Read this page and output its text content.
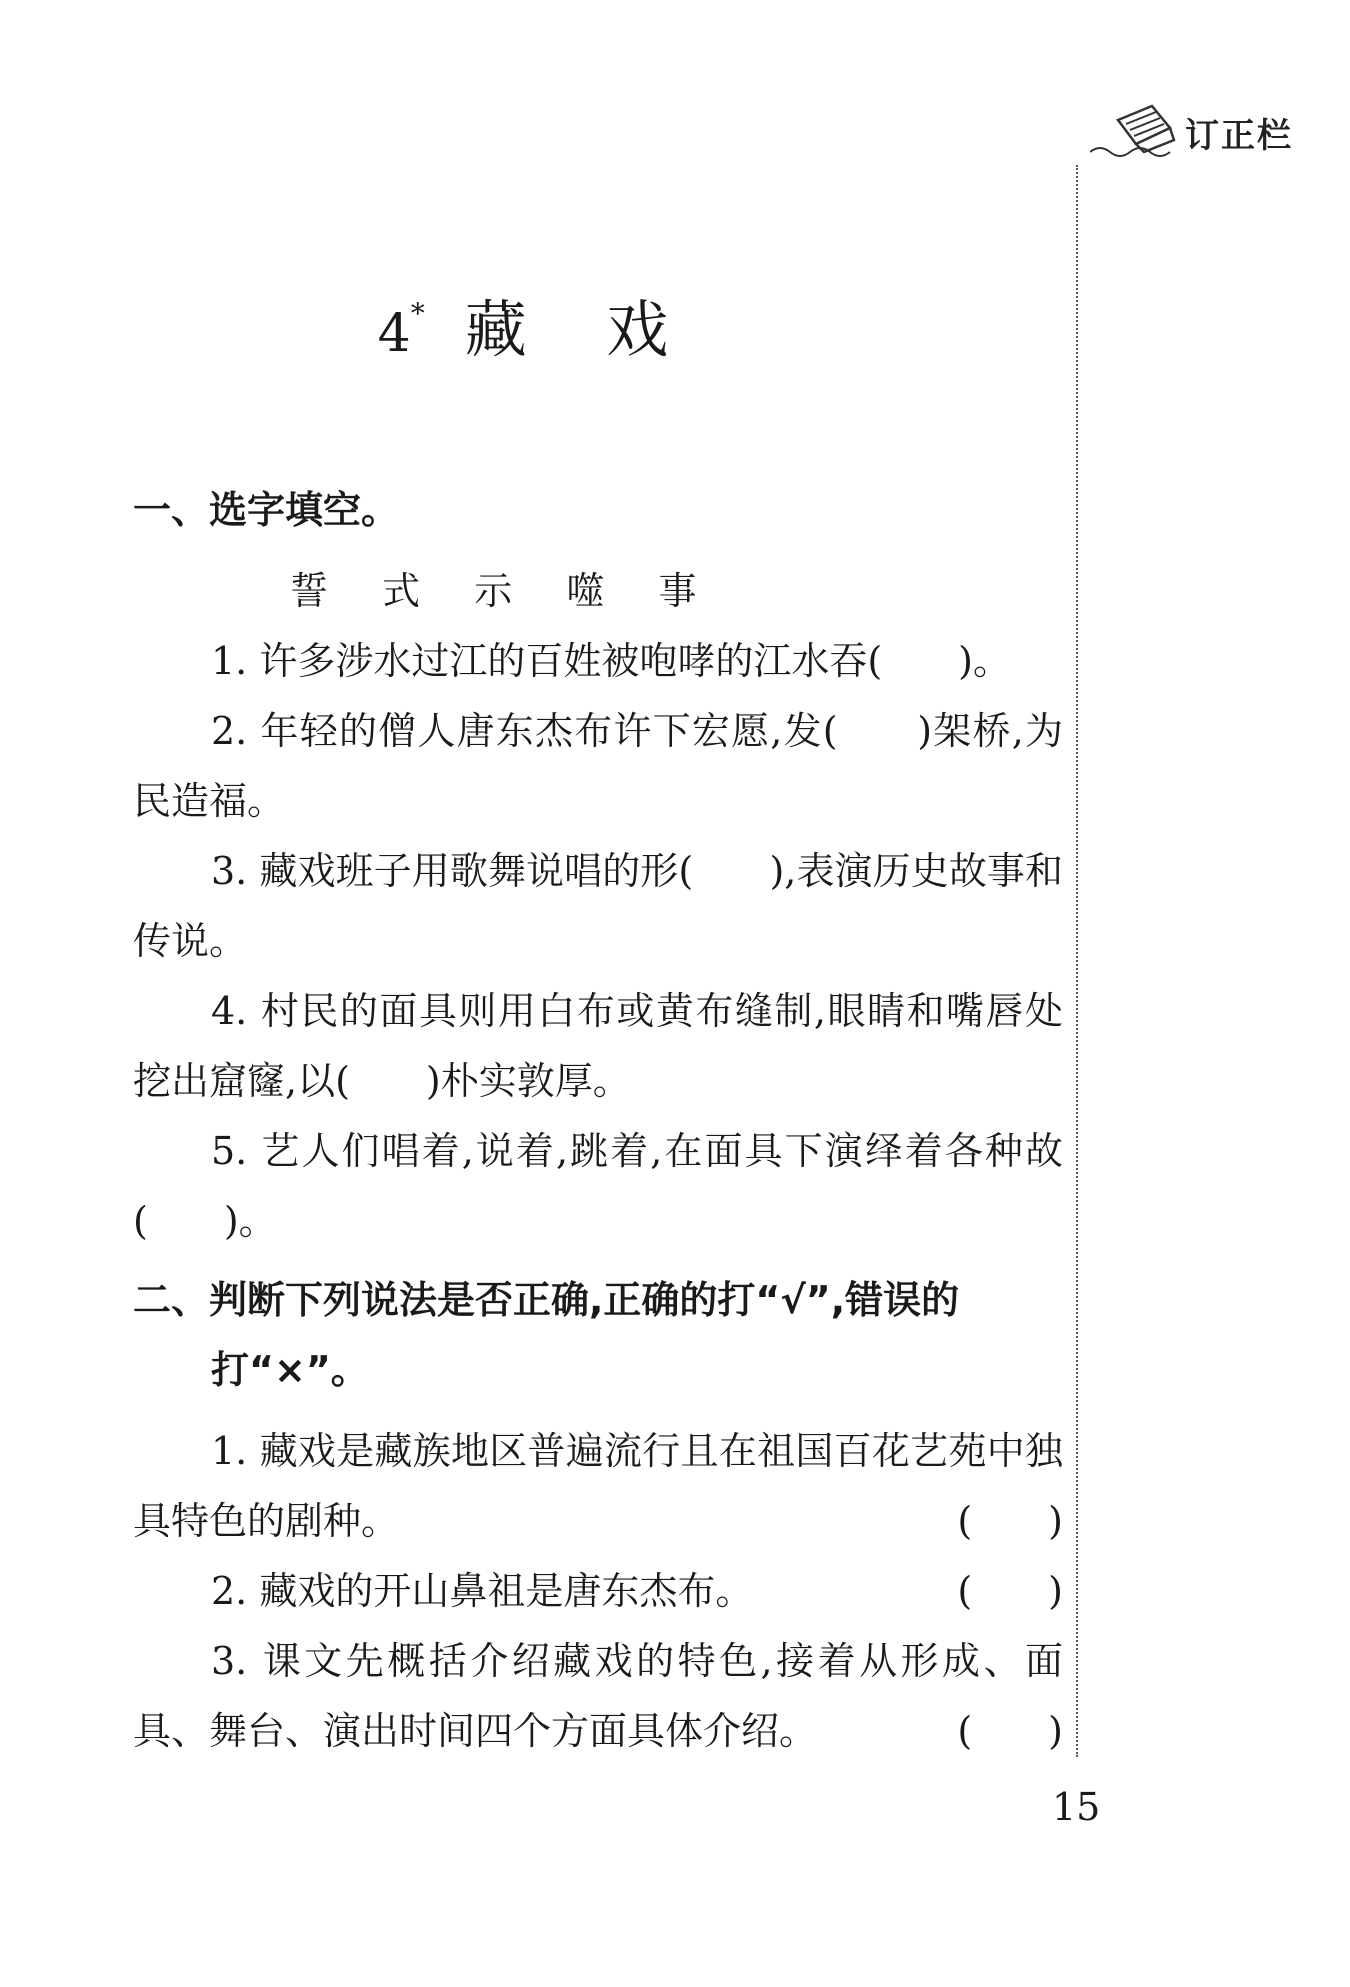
订正栏
4* 藏 戏
一、选字填空。
誓 式 示 噬 事
1. 许多涉水过江的百姓被咆哮的江水吞(　　)。
2. 年轻的僧人唐东杰布许下宏愿,发(　　)架桥,为民造福。
3. 藏戏班子用歌舞说唱的形(　　),表演历史故事和传说。
4. 村民的面具则用白布或黄布缝制,眼睛和嘴唇处挖出窟窿,以(　　)朴实敦厚。
5. 艺人们唱着,说着,跳着,在面具下演绎着各种故(　　)。
二、判断下列说法是否正确,正确的打“√”,错误的
打“×”。
1. 藏戏是藏族地区普遍流行且在祖国百花艺苑中独具特色的剧种。	(　　)
2. 藏戏的开山鼻祖是唐东杰布。	(　　)
3. 课文先概括介绍藏戏的特色,接着从形成、面具、舞台、演出时间四个方面具体介绍。	(　　)
15
